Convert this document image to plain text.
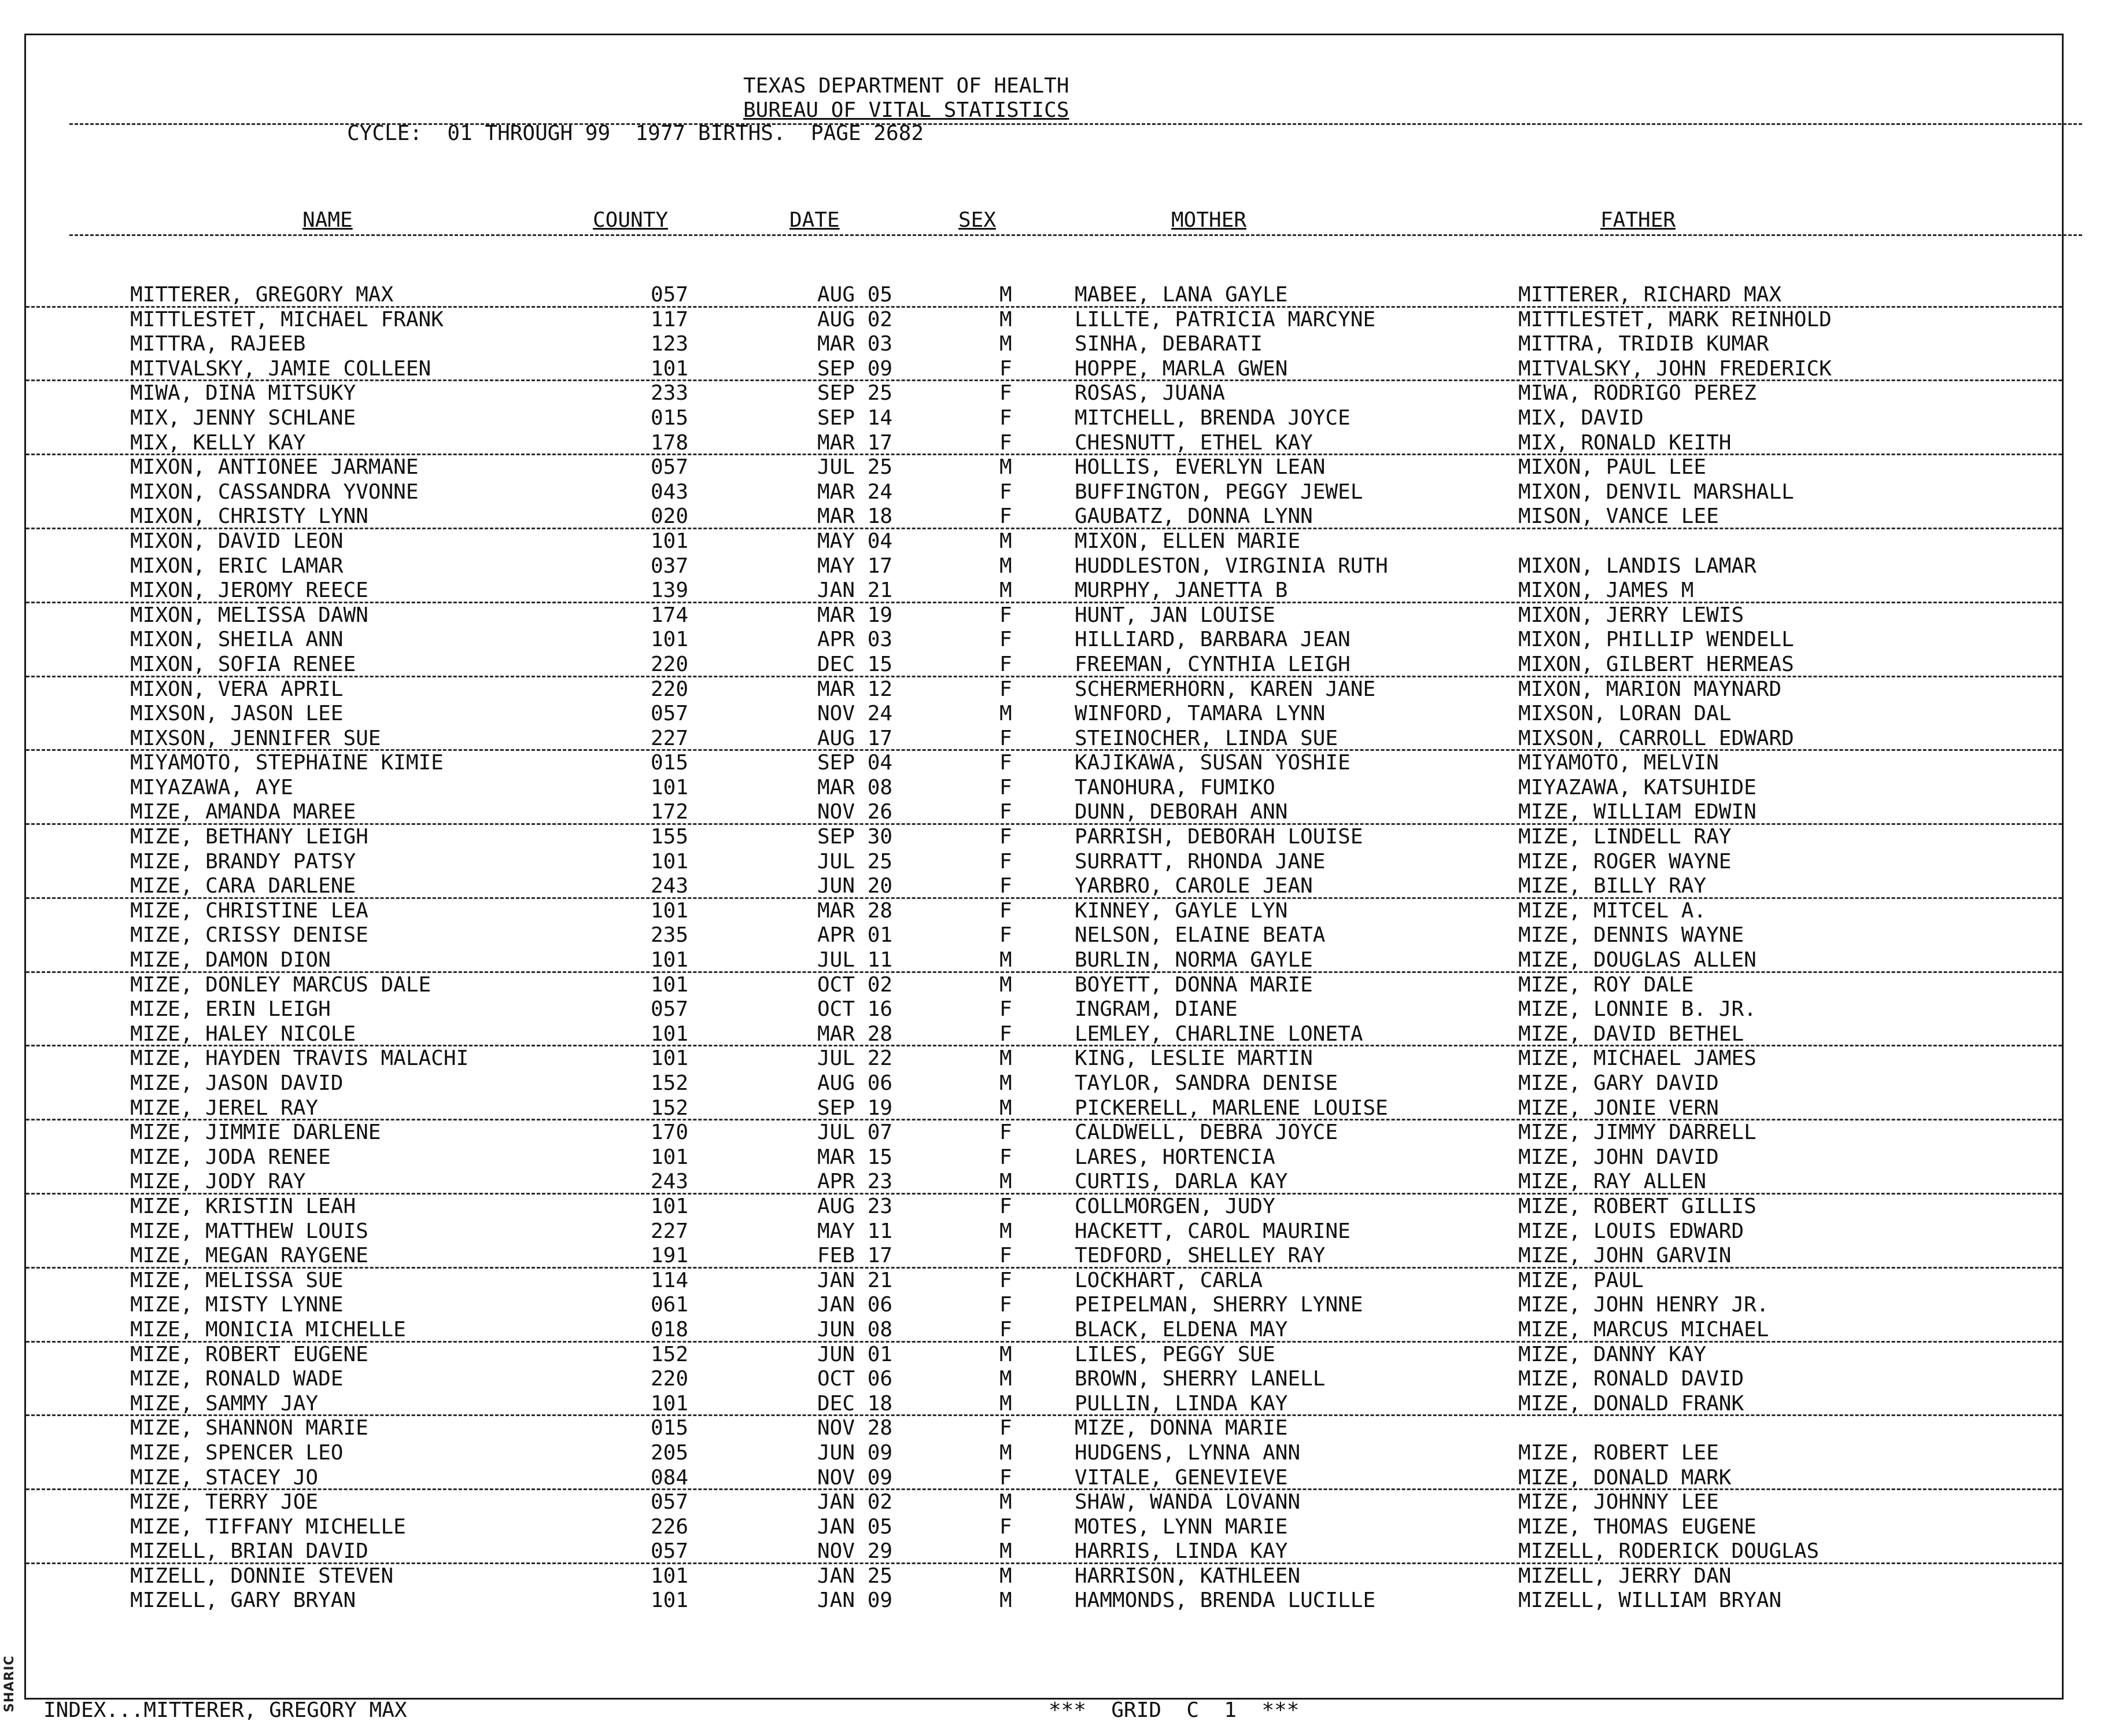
SHARIC
TEXAS DEPARTMENT OF HEALTH
BUREAU OF VITAL STATISTICS
CYCLE:  01 THROUGH 99  1977 BIRTHS.  PAGE 2682
NAME	COUNTY	DATE	SEX	MOTHER	FATHER
MITTERER, GREGORY MAX	057	AUG 05	M	MABEE, LANA GAYLE	MITTERER, RICHARD MAX
MITTLESTET, MICHAEL FRANK	117	AUG 02	M	LILLTE, PATRICIA MARCYNE	MITTLESTET, MARK REINHOLD
MITTRA, RAJEEB	123	MAR 03	M	SINHA, DEBARATI	MITTRA, TRIDIB KUMAR
MITVALSKY, JAMIE COLLEEN	101	SEP 09	F	HOPPE, MARLA GWEN	MITVALSKY, JOHN FREDERICK
MIWA, DINA MITSUKY	233	SEP 25	F	ROSAS, JUANA	MIWA, RODRIGO PEREZ
MIX, JENNY SCHLANE	015	SEP 14	F	MITCHELL, BRENDA JOYCE	MIX, DAVID
MIX, KELLY KAY	178	MAR 17	F	CHESNUTT, ETHEL KAY	MIX, RONALD KEITH
MIXON, ANTIONEE JARMANE	057	JUL 25	M	HOLLIS, EVERLYN LEAN	MIXON, PAUL LEE
MIXON, CASSANDRA YVONNE	043	MAR 24	F	BUFFINGTON, PEGGY JEWEL	MIXON, DENVIL MARSHALL
MIXON, CHRISTY LYNN	020	MAR 18	F	GAUBATZ, DONNA LYNN	MISON, VANCE LEE
MIXON, DAVID LEON	101	MAY 04	M	MIXON, ELLEN MARIE
MIXON, ERIC LAMAR	037	MAY 17	M	HUDDLESTON, VIRGINIA RUTH	MIXON, LANDIS LAMAR
MIXON, JEROMY REECE	139	JAN 21	M	MURPHY, JANETTA B	MIXON, JAMES M
MIXON, MELISSA DAWN	174	MAR 19	F	HUNT, JAN LOUISE	MIXON, JERRY LEWIS
MIXON, SHEILA ANN	101	APR 03	F	HILLIARD, BARBARA JEAN	MIXON, PHILLIP WENDELL
MIXON, SOFIA RENEE	220	DEC 15	F	FREEMAN, CYNTHIA LEIGH	MIXON, GILBERT HERMEAS
MIXON, VERA APRIL	220	MAR 12	F	SCHERMERHORN, KAREN JANE	MIXON, MARION MAYNARD
MIXSON, JASON LEE	057	NOV 24	M	WINFORD, TAMARA LYNN	MIXSON, LORAN DAL
MIXSON, JENNIFER SUE	227	AUG 17	F	STEINOCHER, LINDA SUE	MIXSON, CARROLL EDWARD
MIYAMOTO, STEPHAINE KIMIE	015	SEP 04	F	KAJIKAWA, SUSAN YOSHIE	MIYAMOTO, MELVIN
MIYAZAWA, AYE	101	MAR 08	F	TANOHURA, FUMIKO	MIYAZAWA, KATSUHIDE
MIZE, AMANDA MAREE	172	NOV 26	F	DUNN, DEBORAH ANN	MIZE, WILLIAM EDWIN
MIZE, BETHANY LEIGH	155	SEP 30	F	PARRISH, DEBORAH LOUISE	MIZE, LINDELL RAY
MIZE, BRANDY PATSY	101	JUL 25	F	SURRATT, RHONDA JANE	MIZE, ROGER WAYNE
MIZE, CARA DARLENE	243	JUN 20	F	YARBRO, CAROLE JEAN	MIZE, BILLY RAY
MIZE, CHRISTINE LEA	101	MAR 28	F	KINNEY, GAYLE LYN	MIZE, MITCEL A.
MIZE, CRISSY DENISE	235	APR 01	F	NELSON, ELAINE BEATA	MIZE, DENNIS WAYNE
MIZE, DAMON DION	101	JUL 11	M	BURLIN, NORMA GAYLE	MIZE, DOUGLAS ALLEN
MIZE, DONLEY MARCUS DALE	101	OCT 02	M	BOYETT, DONNA MARIE	MIZE, ROY DALE
MIZE, ERIN LEIGH	057	OCT 16	F	INGRAM, DIANE	MIZE, LONNIE B. JR.
MIZE, HALEY NICOLE	101	MAR 28	F	LEMLEY, CHARLINE LONETA	MIZE, DAVID BETHEL
MIZE, HAYDEN TRAVIS MALACHI	101	JUL 22	M	KING, LESLIE MARTIN	MIZE, MICHAEL JAMES
MIZE, JASON DAVID	152	AUG 06	M	TAYLOR, SANDRA DENISE	MIZE, GARY DAVID
MIZE, JEREL RAY	152	SEP 19	M	PICKERELL, MARLENE LOUISE	MIZE, JONIE VERN
MIZE, JIMMIE DARLENE	170	JUL 07	F	CALDWELL, DEBRA JOYCE	MIZE, JIMMY DARRELL
MIZE, JODA RENEE	101	MAR 15	F	LARES, HORTENCIA	MIZE, JOHN DAVID
MIZE, JODY RAY	243	APR 23	M	CURTIS, DARLA KAY	MIZE, RAY ALLEN
MIZE, KRISTIN LEAH	101	AUG 23	F	COLLMORGEN, JUDY	MIZE, ROBERT GILLIS
MIZE, MATTHEW LOUIS	227	MAY 11	M	HACKETT, CAROL MAURINE	MIZE, LOUIS EDWARD
MIZE, MEGAN RAYGENE	191	FEB 17	F	TEDFORD, SHELLEY RAY	MIZE, JOHN GARVIN
MIZE, MELISSA SUE	114	JAN 21	F	LOCKHART, CARLA	MIZE, PAUL
MIZE, MISTY LYNNE	061	JAN 06	F	PEIPELMAN, SHERRY LYNNE	MIZE, JOHN HENRY JR.
MIZE, MONICIA MICHELLE	018	JUN 08	F	BLACK, ELDENA MAY	MIZE, MARCUS MICHAEL
MIZE, ROBERT EUGENE	152	JUN 01	M	LILES, PEGGY SUE	MIZE, DANNY KAY
MIZE, RONALD WADE	220	OCT 06	M	BROWN, SHERRY LANELL	MIZE, RONALD DAVID
MIZE, SAMMY JAY	101	DEC 18	M	PULLIN, LINDA KAY	MIZE, DONALD FRANK
MIZE, SHANNON MARIE	015	NOV 28	F	MIZE, DONNA MARIE
MIZE, SPENCER LEO	205	JUN 09	M	HUDGENS, LYNNA ANN	MIZE, ROBERT LEE
MIZE, STACEY JO	084	NOV 09	F	VITALE, GENEVIEVE	MIZE, DONALD MARK
MIZE, TERRY JOE	057	JAN 02	M	SHAW, WANDA LOVANN	MIZE, JOHNNY LEE
MIZE, TIFFANY MICHELLE	226	JAN 05	F	MOTES, LYNN MARIE	MIZE, THOMAS EUGENE
MIZELL, BRIAN DAVID	057	NOV 29	M	HARRIS, LINDA KAY	MIZELL, RODERICK DOUGLAS
MIZELL, DONNIE STEVEN	101	JAN 25	M	HARRISON, KATHLEEN	MIZELL, JERRY DAN
MIZELL, GARY BRYAN	101	JAN 09	M	HAMMONDS, BRENDA LUCILLE	MIZELL, WILLIAM BRYAN
INDEX...MITTERER, GREGORY MAX	***  GRID  C  1  ***
